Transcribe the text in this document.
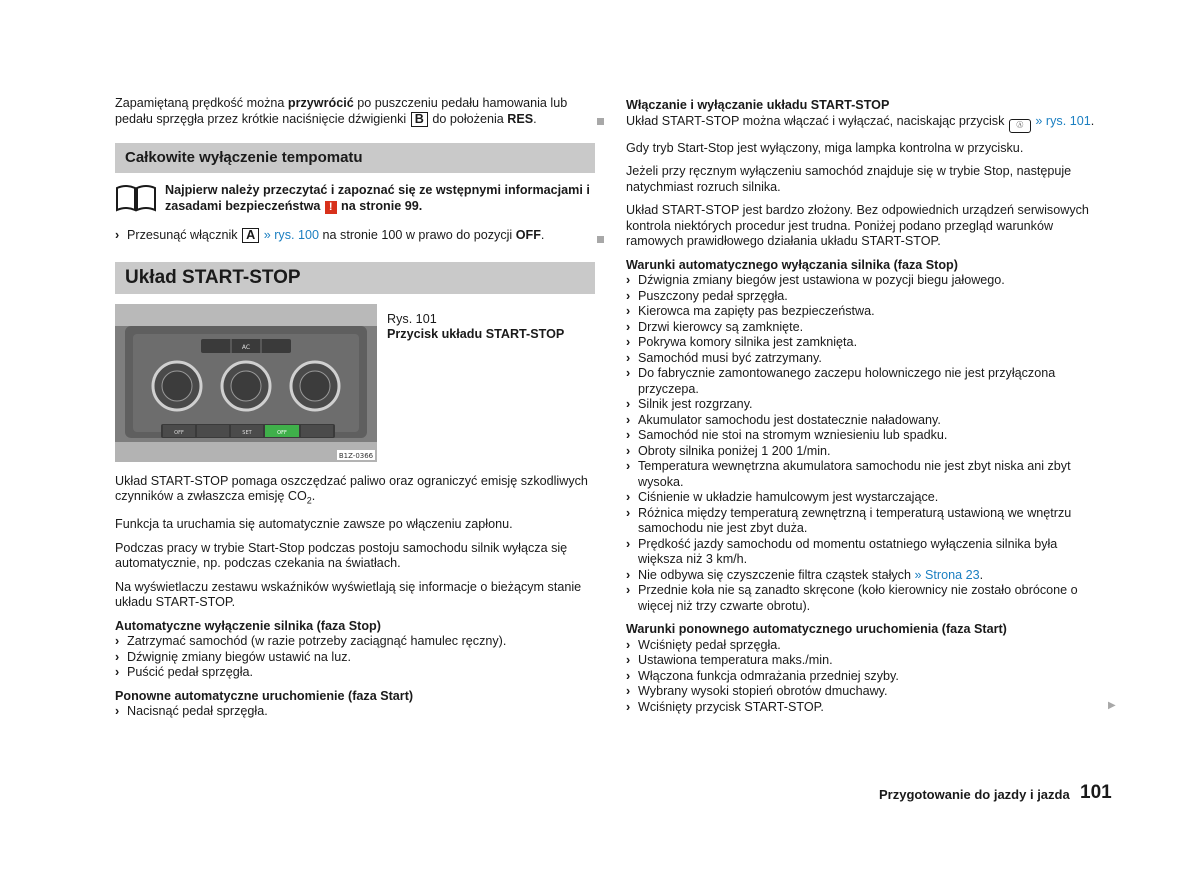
Zapamiętaną prędkość można przywrócić po puszczeniu pedału hamowania lub pedału sprzęgła przez krótkie naciśnięcie dźwigienki B do położenia RES.

Całkowite wyłączenie tempomatu
Najpierw należy przeczytać i zapoznać się ze wstępnymi informacjami i zasadami bezpieczeństwa ! na stronie 99.
› Przesunąć włącznik A » rys. 100 na stronie 100 w prawo do pozycji OFF.
Układ START-STOP
AC
OFF	SET	OFF
B1Z-0366
Rys. 101
Przycisk układu START-STOP

Układ START-STOP pomaga oszczędzać paliwo oraz ograniczyć emisję szkodliwych czynników a zwłaszcza emisję $CO_2$.

Funkcja ta uruchamia się automatycznie zawsze po włączeniu zapłonu.

Podczas pracy w trybie Start-Stop podczas postoju samochodu silnik wyłącza się automatycznie, np. podczas czekania na światłach.

Na wyświetlaczu zestawu wskaźników wyświetlają się informacje o bieżącym stanie układu START-STOP.

Automatyczne wyłączenie silnika (faza Stop)
› Zatrzymać samochód (w razie potrzeby zaciągnąć hamulec ręczny).
› Dźwignię zmiany biegów ustawić na luz.
› Puścić pedał sprzęgła.
Ponowne automatyczne uruchomienie (faza Start)
› Nacisnąć pedał sprzęgła.
Włączanie i wyłączanie układu START-STOP

Układ START-STOP można włączać i wyłączać, naciskając przycisk Ⓐ » rys. 101.

Gdy tryb Start-Stop jest wyłączony, miga lampka kontrolna w przycisku.

Jeżeli przy ręcznym wyłączeniu samochód znajduje się w trybie Stop, następuje natychmiast rozruch silnika.

Układ START-STOP jest bardzo złożony. Bez odpowiednich urządzeń serwisowych kontrola niektórych procedur jest trudna. Poniżej podano przegląd warunków ramowych prawidłowego działania układu START-STOP.

Warunki automatycznego wyłączania silnika (faza Stop)
› Dźwignia zmiany biegów jest ustawiona w pozycji biegu jałowego.
› Puszczony pedał sprzęgła.
› Kierowca ma zapięty pas bezpieczeństwa.
› Drzwi kierowcy są zamknięte.
› Pokrywa komory silnika jest zamknięta.
› Samochód musi być zatrzymany.
› Do fabrycznie zamontowanego zaczepu holowniczego nie jest przyłączona przyczepa.
› Silnik jest rozgrzany.
› Akumulator samochodu jest dostatecznie naładowany.
› Samochód nie stoi na stromym wzniesieniu lub spadku.
› Obroty silnika poniżej 1 200 1/min.
› Temperatura wewnętrzna akumulatora samochodu nie jest zbyt niska ani zbyt wysoka.
› Ciśnienie w układzie hamulcowym jest wystarczające.
› Różnica między temperaturą zewnętrzną i temperaturą ustawioną we wnętrzu samochodu nie jest zbyt duża.
› Prędkość jazdy samochodu od momentu ostatniego wyłączenia silnika była większa niż 3 km/h.
› Nie odbywa się czyszczenie filtra cząstek stałych » Strona 23.
› Przednie koła nie są zanadto skręcone (koło kierownicy nie zostało obrócone o więcej niż trzy czwarte obrotu).
Warunki ponownego automatycznego uruchomienia (faza Start)
› Wciśnięty pedał sprzęgła.
› Ustawiona temperatura maks./min.
› Włączona funkcja odmrażania przedniej szyby.
› Wybrany wysoki stopień obrotów dmuchawy.
› Wciśnięty przycisk START-STOP.	▶
Przygotowanie do jazdy i jazda 101
